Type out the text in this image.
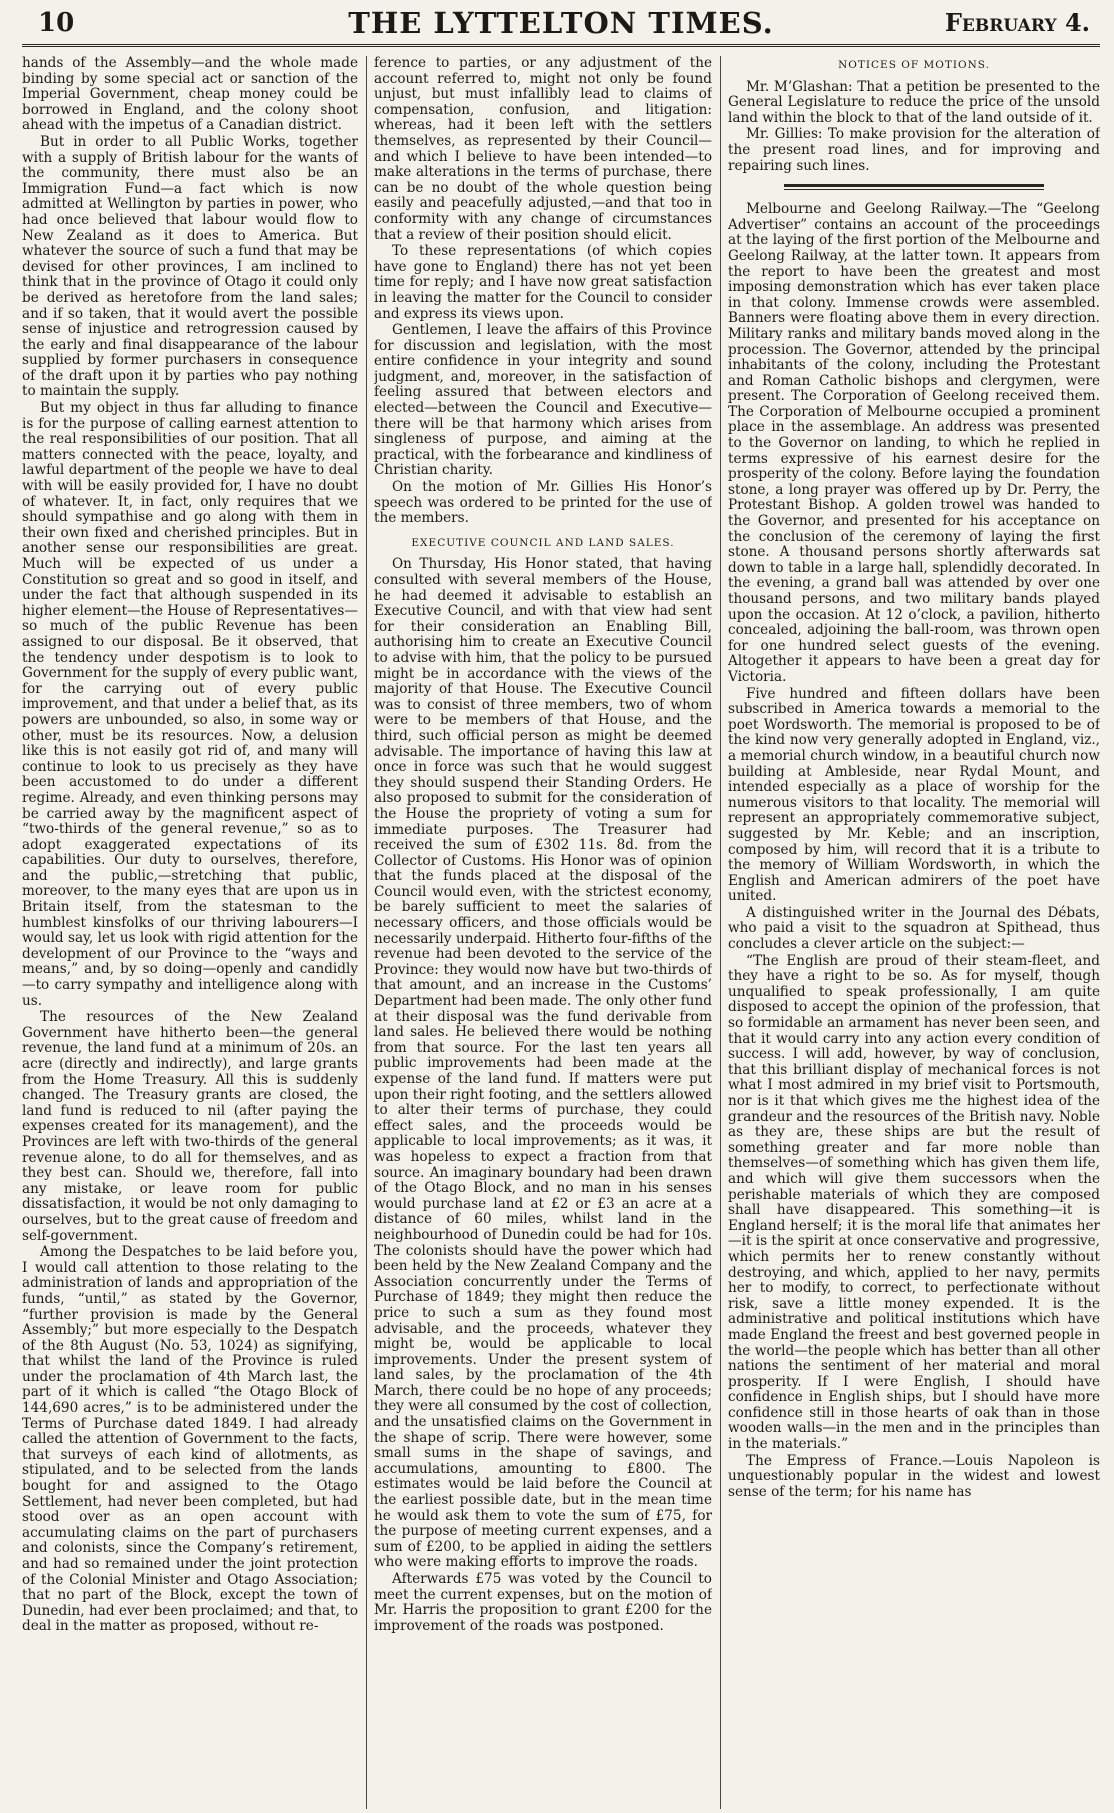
10	THE LYTTELTON TIMES.	February 4.

hands of the Assembly—and the whole made binding by some special act or sanction of the Imperial Government, cheap money could be borrowed in England, and the colony shoot ahead with the impetus of a Canadian district.

But in order to all Public Works, together with a supply of British labour for the wants of the community, there must also be an Immigration Fund—a fact which is now admitted at Wellington by parties in power, who had once believed that labour would flow to New Zealand as it does to America. But whatever the source of such a fund that may be devised for other provinces, I am inclined to think that in the province of Otago it could only be derived as heretofore from the land sales; and if so taken, that it would avert the possible sense of injustice and retrogression caused by the early and final disappearance of the labour supplied by former purchasers in consequence of the draft upon it by parties who pay nothing to maintain the supply.

But my object in thus far alluding to finance is for the purpose of calling earnest attention to the real responsibilities of our position. That all matters connected with the peace, loyalty, and lawful department of the people we have to deal with will be easily provided for, I have no doubt of whatever. It, in fact, only requires that we should sympathise and go along with them in their own fixed and cherished principles. But in another sense our responsibilities are great. Much will be expected of us under a Constitution so great and so good in itself, and under the fact that although suspended in its higher element—the House of Representatives—so much of the public Revenue has been assigned to our disposal. Be it observed, that the tendency under despotism is to look to Government for the supply of every public want, for the carrying out of every public improvement, and that under a belief that, as its powers are unbounded, so also, in some way or other, must be its resources. Now, a delusion like this is not easily got rid of, and many will continue to look to us precisely as they have been accustomed to do under a different regime. Already, and even thinking persons may be carried away by the magnificent aspect of “two-thirds of the general revenue,” so as to adopt exaggerated expectations of its capabilities. Our duty to ourselves, therefore, and the public,—stretching that public, moreover, to the many eyes that are upon us in Britain itself, from the statesman to the humblest kinsfolks of our thriving labourers—I would say, let us look with rigid attention for the development of our Province to the “ways and means,” and, by so doing—openly and candidly—to carry sympathy and intelligence along with us.

The resources of the New Zealand Government have hitherto been—the general revenue, the land fund at a minimum of 20s. an acre (directly and indirectly), and large grants from the Home Treasury. All this is suddenly changed. The Treasury grants are closed, the land fund is reduced to nil (after paying the expenses created for its management), and the Provinces are left with two-thirds of the general revenue alone, to do all for themselves, and as they best can. Should we, therefore, fall into any mistake, or leave room for public dissatisfaction, it would be not only damaging to ourselves, but to the great cause of freedom and self-government.

Among the Despatches to be laid before you, I would call attention to those relating to the administration of lands and appropriation of the funds, “until,” as stated by the Governor, “further provision is made by the General Assembly;” but more especially to the Despatch of the 8th August (No. 53, 1024) as signifying, that whilst the land of the Province is ruled under the proclamation of 4th March last, the part of it which is called “the Otago Block of 144,690 acres,” is to be administered under the Terms of Purchase dated 1849. I had already called the attention of Government to the facts, that surveys of each kind of allotments, as stipulated, and to be selected from the lands bought for and assigned to the Otago Settlement, had never been completed, but had stood over as an open account with accumulating claims on the part of purchasers and colonists, since the Company’s retirement, and had so remained under the joint protection of the Colonial Minister and Otago Association; that no part of the Block, except the town of Dunedin, had ever been proclaimed; and that, to deal in the matter as proposed, without re-

ference to parties, or any adjustment of the account referred to, might not only be found unjust, but must infallibly lead to claims of compensation, confusion, and litigation: whereas, had it been left with the settlers themselves, as represented by their Council—and which I believe to have been intended—to make alterations in the terms of purchase, there can be no doubt of the whole question being easily and peacefully adjusted,—and that too in conformity with any change of circumstances that a review of their position should elicit.

To these representations (of which copies have gone to England) there has not yet been time for reply; and I have now great satisfaction in leaving the matter for the Council to consider and express its views upon.

Gentlemen, I leave the affairs of this Province for discussion and legislation, with the most entire confidence in your integrity and sound judgment, and, moreover, in the satisfaction of feeling assured that between electors and elected—between the Council and Executive—there will be that harmony which arises from singleness of purpose, and aiming at the practical, with the forbearance and kindliness of Christian charity.

On the motion of Mr. Gillies His Honor’s speech was ordered to be printed for the use of the members.

EXECUTIVE COUNCIL AND LAND SALES.

On Thursday, His Honor stated, that having consulted with several members of the House, he had deemed it advisable to establish an Executive Council, and with that view had sent for their consideration an Enabling Bill, authorising him to create an Executive Council to advise with him, that the policy to be pursued might be in accordance with the views of the majority of that House. The Executive Council was to consist of three members, two of whom were to be members of that House, and the third, such official person as might be deemed advisable. The importance of having this law at once in force was such that he would suggest they should suspend their Standing Orders. He also proposed to submit for the consideration of the House the propriety of voting a sum for immediate purposes. The Treasurer had received the sum of £302 11s. 8d. from the Collector of Customs. His Honor was of opinion that the funds placed at the disposal of the Council would even, with the strictest economy, be barely sufficient to meet the salaries of necessary officers, and those officials would be necessarily underpaid. Hitherto four-fifths of the revenue had been devoted to the service of the Province: they would now have but two-thirds of that amount, and an increase in the Customs’ Department had been made. The only other fund at their disposal was the fund derivable from land sales. He believed there would be nothing from that source. For the last ten years all public improvements had been made at the expense of the land fund. If matters were put upon their right footing, and the settlers allowed to alter their terms of purchase, they could effect sales, and the proceeds would be applicable to local improvements; as it was, it was hopeless to expect a fraction from that source. An imaginary boundary had been drawn of the Otago Block, and no man in his senses would purchase land at £2 or £3 an acre at a distance of 60 miles, whilst land in the neighbourhood of Dunedin could be had for 10s. The colonists should have the power which had been held by the New Zealand Company and the Association concurrently under the Terms of Purchase of 1849; they might then reduce the price to such a sum as they found most advisable, and the proceeds, whatever they might be, would be applicable to local improvements. Under the present system of land sales, by the proclamation of the 4th March, there could be no hope of any proceeds; they were all consumed by the cost of collection, and the unsatisfied claims on the Government in the shape of scrip. There were however, some small sums in the shape of savings, and accumulations, amounting to £800. The estimates would be laid before the Council at the earliest possible date, but in the mean time he would ask them to vote the sum of £75, for the purpose of meeting current expenses, and a sum of £200, to be applied in aiding the settlers who were making efforts to improve the roads.

Afterwards £75 was voted by the Council to meet the current expenses, but on the motion of Mr. Harris the proposition to grant £200 for the improvement of the roads was postponed.

NOTICES OF MOTIONS.

Mr. M’Glashan: That a petition be presented to the General Legislature to reduce the price of the unsold land within the block to that of the land outside of it.

Mr. Gillies: To make provision for the alteration of the present road lines, and for improving and repairing such lines.

Melbourne and Geelong Railway.—The “Geelong Advertiser” contains an account of the proceedings at the laying of the first portion of the Melbourne and Geelong Railway, at the latter town. It appears from the report to have been the greatest and most imposing demonstration which has ever taken place in that colony. Immense crowds were assembled. Banners were floating above them in every direction. Military ranks and military bands moved along in the procession. The Governor, attended by the principal inhabitants of the colony, including the Protestant and Roman Catholic bishops and clergymen, were present. The Corporation of Geelong received them. The Corporation of Melbourne occupied a prominent place in the assemblage. An address was presented to the Governor on landing, to which he replied in terms expressive of his earnest desire for the prosperity of the colony. Before laying the foundation stone, a long prayer was offered up by Dr. Perry, the Protestant Bishop. A golden trowel was handed to the Governor, and presented for his acceptance on the conclusion of the ceremony of laying the first stone. A thousand persons shortly afterwards sat down to table in a large hall, splendidly decorated. In the evening, a grand ball was attended by over one thousand persons, and two military bands played upon the occasion. At 12 o’clock, a pavilion, hitherto concealed, adjoining the ball-room, was thrown open for one hundred select guests of the evening. Altogether it appears to have been a great day for Victoria.

Five hundred and fifteen dollars have been subscribed in America towards a memorial to the poet Wordsworth. The memorial is proposed to be of the kind now very generally adopted in England, viz., a memorial church window, in a beautiful church now building at Ambleside, near Rydal Mount, and intended especially as a place of worship for the numerous visitors to that locality. The memorial will represent an appropriately commemorative subject, suggested by Mr. Keble; and an inscription, composed by him, will record that it is a tribute to the memory of William Wordsworth, in which the English and American admirers of the poet have united.

A distinguished writer in the Journal des Débats, who paid a visit to the squadron at Spithead, thus concludes a clever article on the subject:—

“The English are proud of their steam-fleet, and they have a right to be so. As for myself, though unqualified to speak professionally, I am quite disposed to accept the opinion of the profession, that so formidable an armament has never been seen, and that it would carry into any action every condition of success. I will add, however, by way of conclusion, that this brilliant display of mechanical forces is not what I most admired in my brief visit to Portsmouth, nor is it that which gives me the highest idea of the grandeur and the resources of the British navy. Noble as they are, these ships are but the result of something greater and far more noble than themselves—of something which has given them life, and which will give them successors when the perishable materials of which they are composed shall have disappeared. This something—it is England herself; it is the moral life that animates her—it is the spirit at once conservative and progressive, which permits her to renew constantly without destroying, and which, applied to her navy, permits her to modify, to correct, to perfectionate without risk, save a little money expended. It is the administrative and political institutions which have made England the freest and best governed people in the world—the people which has better than all other nations the sentiment of her material and moral prosperity. If I were English, I should have confidence in English ships, but I should have more confidence still in those hearts of oak than in those wooden walls—in the men and in the principles than in the materials.”

The Empress of France.—Louis Napoleon is unquestionably popular in the widest and lowest sense of the term; for his name has
